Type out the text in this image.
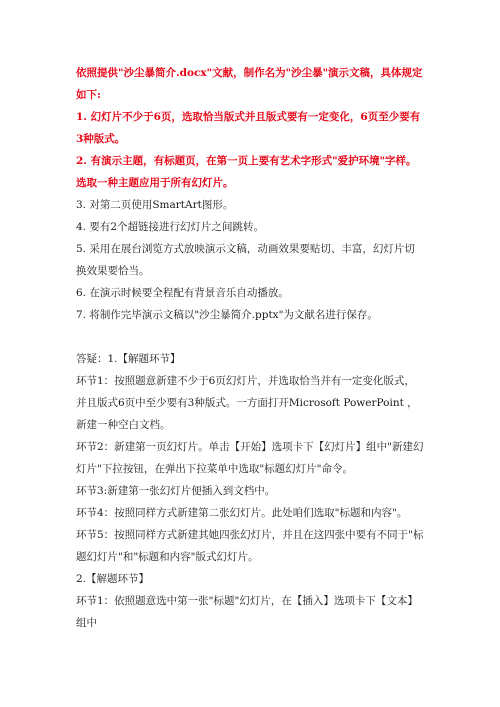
依照提供"沙尘暴简介.docx"文献，制作名为"沙尘暴"演示文稿，具体规定如下:

1. 幻灯片不少于6页，选取恰当版式并且版式要有一定变化，6页至少要有3种版式。

2. 有演示主题，有标题页，在第一页上要有艺术字形式"爱护环境"字样。选取一种主题应用于所有幻灯片。

3. 对第二页使用SmartArt图形。

4. 要有2个超链接进行幻灯片之间跳转。

5. 采用在展台浏览方式放映演示文稿，动画效果要贴切、丰富，幻灯片切换效果要恰当。

6. 在演示时候要全程配有背景音乐自动播放。

7. 将制作完毕演示文稿以"沙尘暴简介.pptx"为文献名进行保存。

答疑：1.【解题环节】

环节1：按照题意新建不少于6页幻灯片，并选取恰当并有一定变化版式，并且版式6页中至少要有3种版式。一方面打开Microsoft PowerPoint ，新建一种空白文档。

环节2：新建第一页幻灯片。单击【开始】选项卡下【幻灯片】组中"新建幻灯片"下拉按钮，在弹出下拉菜单中选取"标题幻灯片"命令。

环节3:新建第一张幻灯片便插入到文档中。

环节4：按照同样方式新建第二张幻灯片。此处咱们选取"标题和内容"。

环节5：按照同样方式新建其她四张幻灯片，并且在这四张中要有不同于"标题幻灯片"和"标题和内容"版式幻灯片。

2.【解题环节】

环节1：依照题意选中第一张"标题"幻灯片，在【插入】选项卡下【文本】组中
